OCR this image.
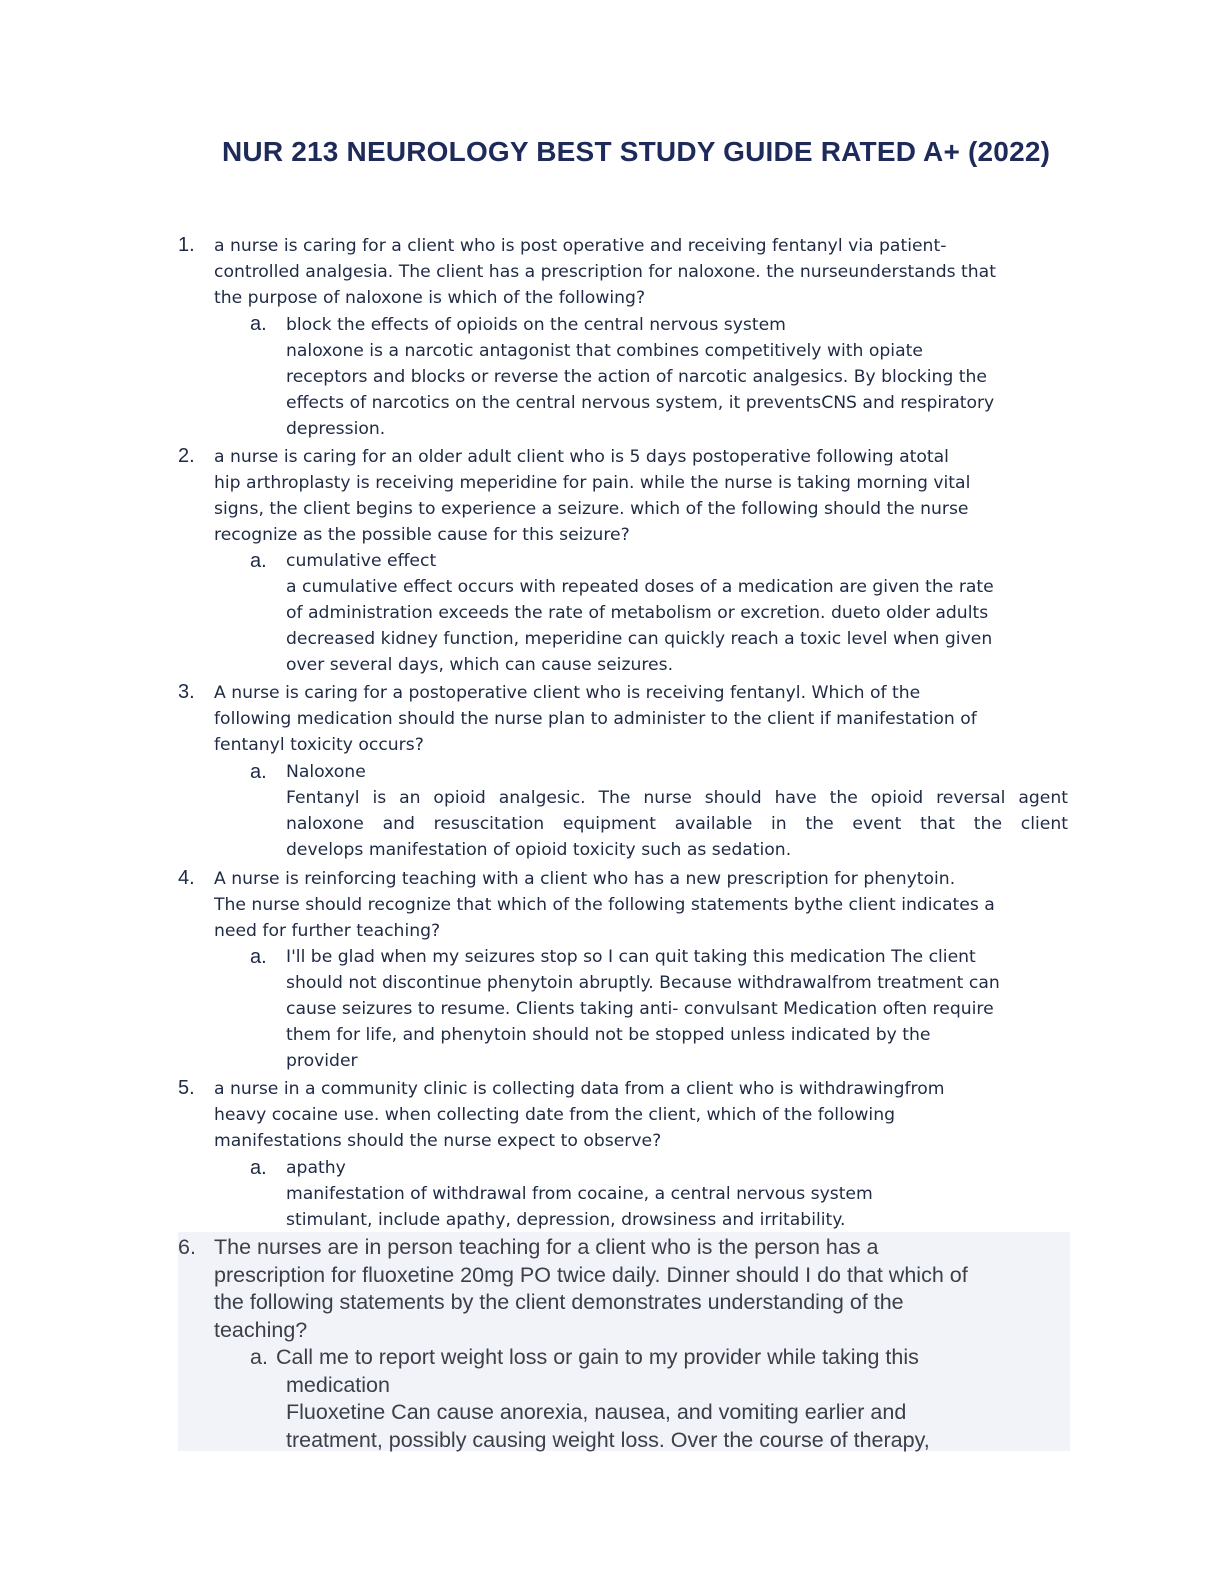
NUR 213 NEUROLOGY BEST STUDY GUIDE RATED A+ (2022)
1.	a nurse is caring for a client who is post operative and receiving fentanyl via patient-
controlled analgesia. The client has a prescription for naloxone. the nurseunderstands that
the purpose of naloxone is which of the following?
a.	block the effects of opioids on the central nervous system
naloxone is a narcotic antagonist that combines competitively with opiate
receptors and blocks or reverse the action of narcotic analgesics. By blocking the
effects of narcotics on the central nervous system, it preventsCNS and respiratory
depression.
2.	a nurse is caring for an older adult client who is 5 days postoperative following atotal
hip arthroplasty is receiving meperidine for pain. while the nurse is taking morning vital
signs, the client begins to experience a seizure. which of the following should the nurse
recognize as the possible cause for this seizure?
a.	cumulative effect
a cumulative effect occurs with repeated doses of a medication are given the rate
of administration exceeds the rate of metabolism or excretion. dueto older adults
decreased kidney function, meperidine can quickly reach a toxic level when given
over several days, which can cause seizures.
3.	A nurse is caring for a postoperative client who is receiving fentanyl. Which of the
following medication should the nurse plan to administer to the client if manifestation of
fentanyl toxicity occurs?
a.	Naloxone
Fentanyl is an opioid analgesic. The nurse should have the opioid reversal agent
naloxone and resuscitation equipment available in the event that the client
develops manifestation of opioid toxicity such as sedation.
4.	A nurse is reinforcing teaching with a client who has a new prescription for phenytoin.
The nurse should recognize that which of the following statements bythe client indicates a
need for further teaching?
a.	I'll be glad when my seizures stop so I can quit taking this medication The client
should not discontinue phenytoin abruptly. Because withdrawalfrom treatment can
cause seizures to resume. Clients taking anti- convulsant Medication often require
them for life, and phenytoin should not be stopped unless indicated by the
provider
5.	a nurse in a community clinic is collecting data from a client who is withdrawingfrom
heavy cocaine use. when collecting date from the client, which of the following
manifestations should the nurse expect to observe?
a.	apathy
manifestation of withdrawal from cocaine, a central nervous system
stimulant, include apathy, depression, drowsiness and irritability.
6. The nurses are in person teaching for a client who is the person has a
prescription for fluoxetine 20mg PO twice daily. Dinner should I do that which of
the following statements by the client demonstrates understanding of the
teaching?
a. Call me to report weight loss or gain to my provider while taking this
medication
Fluoxetine Can cause anorexia, nausea, and vomiting earlier and
treatment, possibly causing weight loss. Over the course of therapy,
